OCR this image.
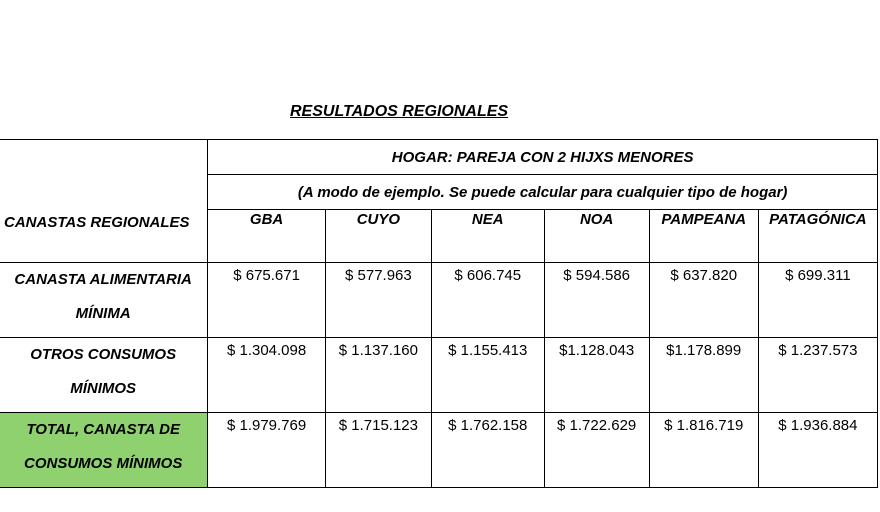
RESULTADOS REGIONALES
	HOGAR: PAREJA CON 2 HIJXS MENORES					

CANASTAS REGIONALES	(A modo de ejemplo. Se puede calcular para cualquier tipo de hogar)					
	GBA	CUYO	NEA	NOA	PAMPEANA	PATAGÓNICA
CANASTA ALIMENTARIA
MÍNIMA	$ 675.671	$ 577.963	$ 606.745	$ 594.586	$ 637.820	$ 699.311
OTROS CONSUMOS
MÍNIMOS	$ 1.304.098	$ 1.137.160	$ 1.155.413	$1.128.043	$1.178.899	$ 1.237.573
TOTAL, CANASTA DE
CONSUMOS MÍNIMOS	$ 1.979.769	$ 1.715.123	$ 1.762.158	$ 1.722.629	$ 1.816.719	$ 1.936.884
